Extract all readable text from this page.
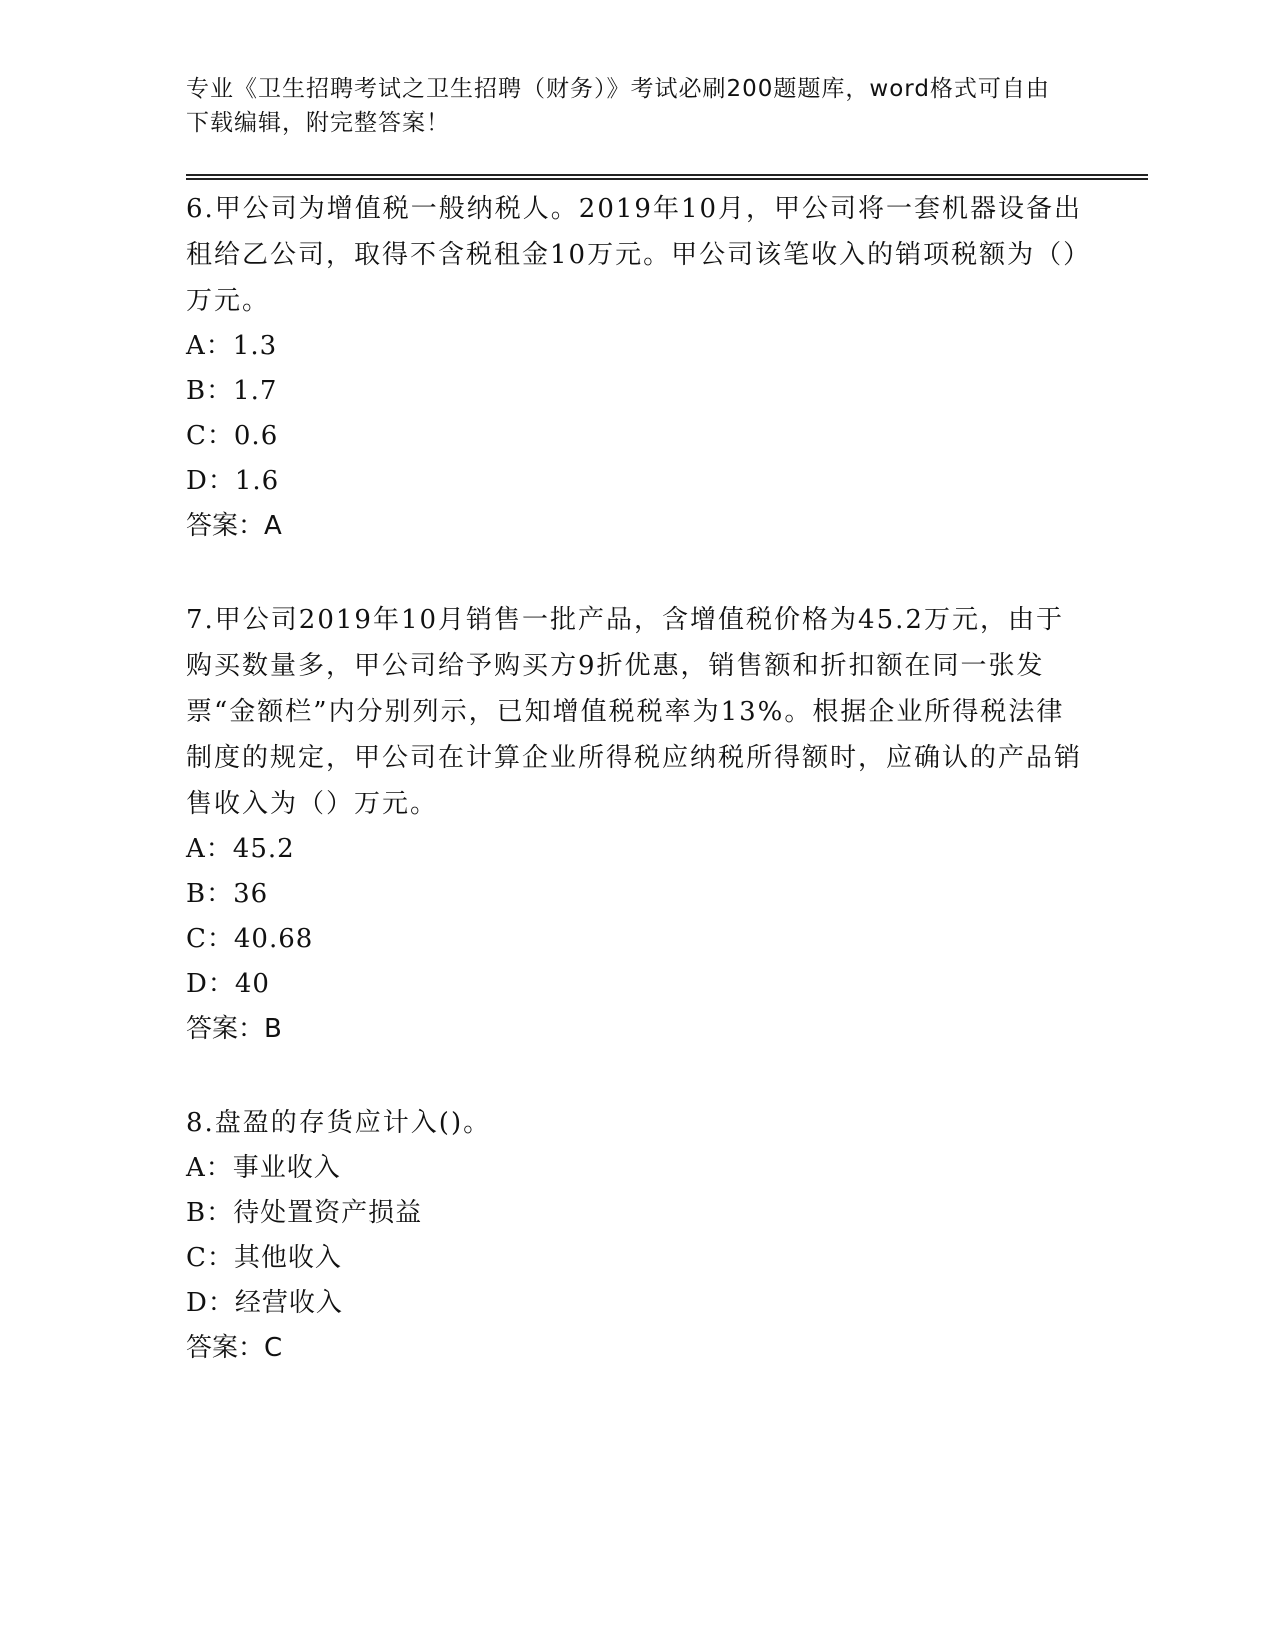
专业《卫生招聘考试之卫生招聘（财务）》考试必刷200题题库，word格式可自由下载编辑，附完整答案！

6.甲公司为增值税一般纳税人。2019年10月，甲公司将一套机器设备出租给乙公司，取得不含税租金10万元。甲公司该笔收入的销项税额为（）万元。

A：1.3

B：1.7

C：0.6

D：1.6

答案：A

7.甲公司2019年10月销售一批产品，含增值税价格为45.2万元，由于购买数量多，甲公司给予购买方9折优惠，销售额和折扣额在同一张发票“金额栏”内分别列示，已知增值税税率为13%。根据企业所得税法律制度的规定，甲公司在计算企业所得税应纳税所得额时，应确认的产品销售收入为（）万元。

A：45.2

B：36

C：40.68

D：40

答案：B

8.盘盈的存货应计入()。

A：事业收入

B：待处置资产损益

C：其他收入

D：经营收入

答案：C
